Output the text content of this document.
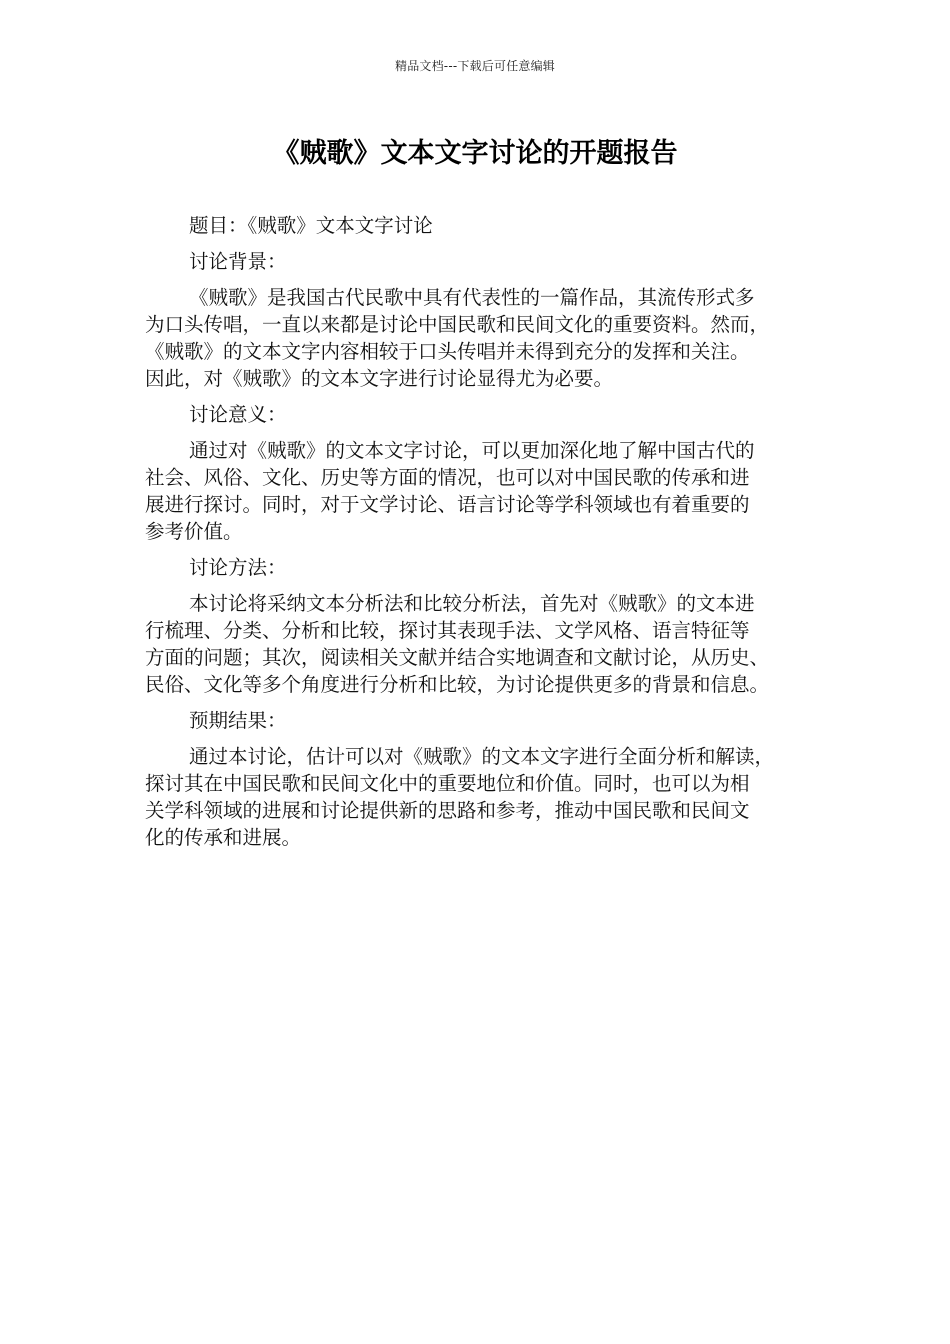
精品文档---下载后可任意编辑
《贼歌》文本文字讨论的开题报告
题目：《贼歌》文本文字讨论
讨论背景：
《贼歌》是我国古代民歌中具有代表性的一篇作品，其流传形式多
为口头传唱，一直以来都是讨论中国民歌和民间文化的重要资料。然而，
《贼歌》的文本文字内容相较于口头传唱并未得到充分的发挥和关注。
因此，对《贼歌》的文本文字进行讨论显得尤为必要。
讨论意义：
通过对《贼歌》的文本文字讨论，可以更加深化地了解中国古代的
社会、风俗、文化、历史等方面的情况，也可以对中国民歌的传承和进
展进行探讨。同时，对于文学讨论、语言讨论等学科领域也有着重要的
参考价值。
讨论方法：
本讨论将采纳文本分析法和比较分析法，首先对《贼歌》的文本进
行梳理、分类、分析和比较，探讨其表现手法、文学风格、语言特征等
方面的问题；其次，阅读相关文献并结合实地调查和文献讨论，从历史、
民俗、文化等多个角度进行分析和比较，为讨论提供更多的背景和信息。
预期结果：
通过本讨论，估计可以对《贼歌》的文本文字进行全面分析和解读，
探讨其在中国民歌和民间文化中的重要地位和价值。同时，也可以为相
关学科领域的进展和讨论提供新的思路和参考，推动中国民歌和民间文
化的传承和进展。
